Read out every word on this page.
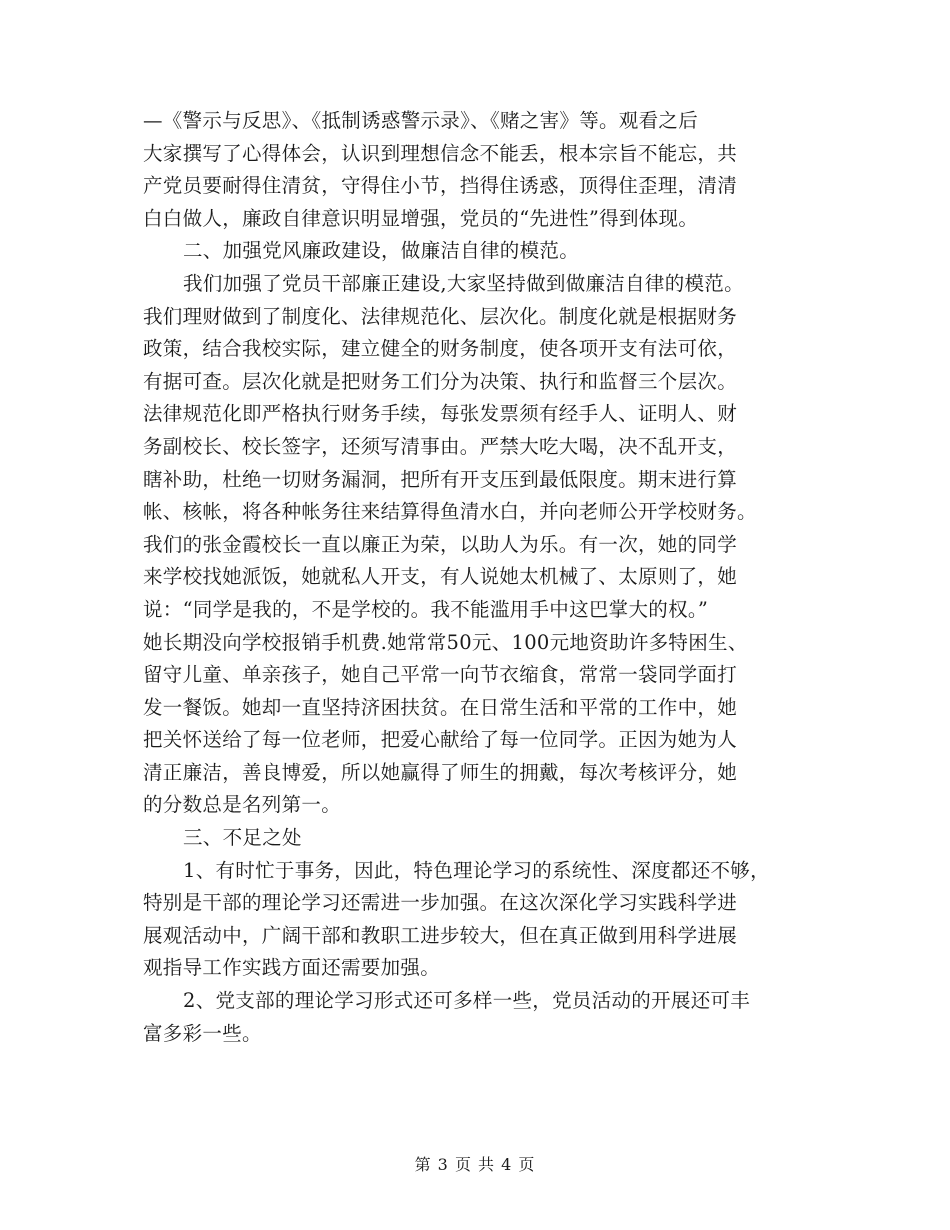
—《警示与反思》、《抵制诱惑警示录》、《赌之害》等。观看之后
大家撰写了心得体会，认识到理想信念不能丢，根本宗旨不能忘，共
产党员要耐得住清贫，守得住小节，挡得住诱惑，顶得住歪理，清清
白白做人，廉政自律意识明显增强，党员的“先进性”得到体现。
二、加强党风廉政建设，做廉洁自律的模范。
我们加强了党员干部廉正建设,大家坚持做到做廉洁自律的模范。
我们理财做到了制度化、法律规范化、层次化。制度化就是根据财务
政策，结合我校实际，建立健全的财务制度，使各项开支有法可依，
有据可查。层次化就是把财务工们分为决策、执行和监督三个层次。
法律规范化即严格执行财务手续，每张发票须有经手人、证明人、财
务副校长、校长签字，还须写清事由。严禁大吃大喝，决不乱开支，
瞎补助，杜绝一切财务漏洞，把所有开支压到最低限度。期末进行算
帐、核帐，将各种帐务往来结算得鱼清水白，并向老师公开学校财务。
我们的张金霞校长一直以廉正为荣，以助人为乐。有一次，她的同学
来学校找她派饭，她就私人开支，有人说她太机械了、太原则了，她
说：“同学是我的，不是学校的。我不能滥用手中这巴掌大的权。”
她长期没向学校报销手机费.她常常50元、100元地资助许多特困生、
留守儿童、单亲孩子，她自己平常一向节衣缩食，常常一袋同学面打
发一餐饭。她却一直坚持济困扶贫。在日常生活和平常的工作中，她
把关怀送给了每一位老师，把爱心献给了每一位同学。正因为她为人
清正廉洁，善良博爱，所以她赢得了师生的拥戴，每次考核评分，她
的分数总是名列第一。
三、不足之处
1、有时忙于事务，因此，特色理论学习的系统性、深度都还不够，
特别是干部的理论学习还需进一步加强。在这次深化学习实践科学进
展观活动中，广阔干部和教职工进步较大，但在真正做到用科学进展
观指导工作实践方面还需要加强。
2、党支部的理论学习形式还可多样一些，党员活动的开展还可丰
富多彩一些。
第 3 页 共 4 页
